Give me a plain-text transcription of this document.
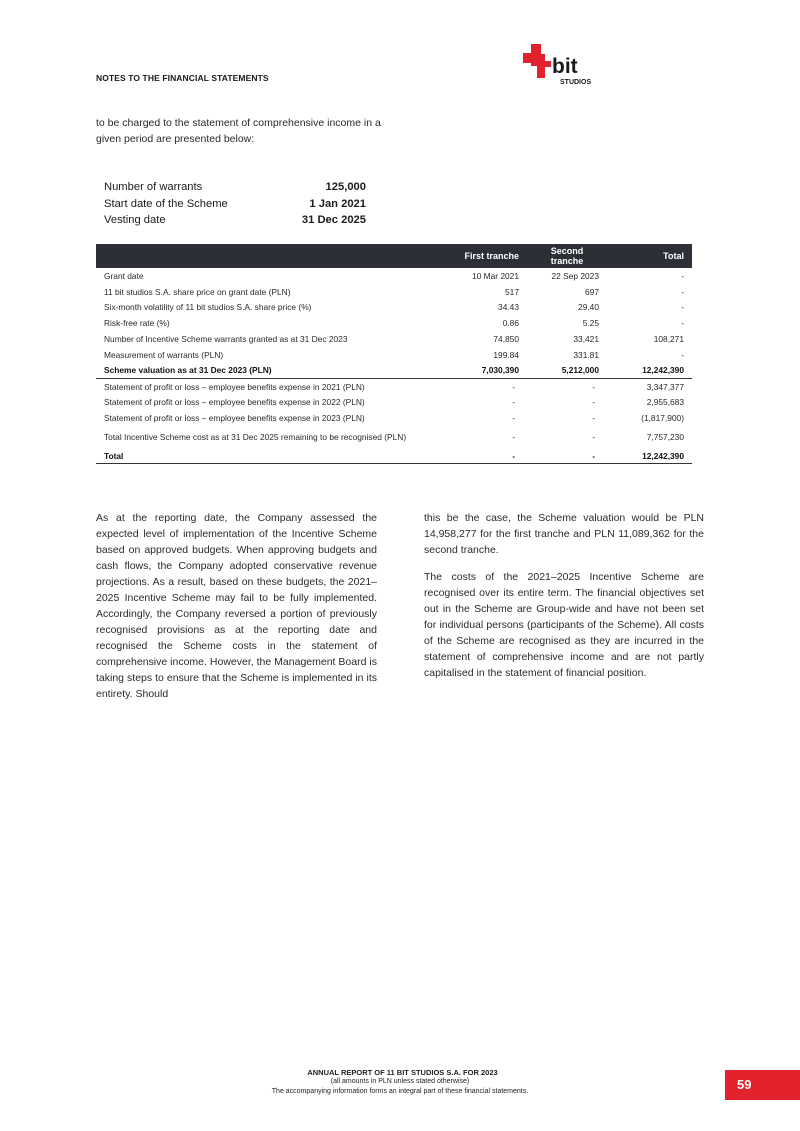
NOTES TO THE FINANCIAL STATEMENTS	bit
STUDIOS
to be charged to the statement of comprehensive income in a given period are presented below:
Number of warrants	125,000
Start date of the Scheme	1 Jan 2021
Vesting date	31 Dec 2025
	First tranche	Second tranche	Total
Grant date	10 Mar 2021	22 Sep 2023	-
11 bit studios S.A. share price on grant date (PLN)	517	697	-
Six-month volatility of 11 bit studios S.A. share price (%)	34.43	29.40	-
Risk-free rate (%)	0.86	5.25	-
Number of Incentive Scheme warrants granted as at 31 Dec 2023	74,850	33,421	108,271
Measurement of warrants (PLN)	199.84	331.81	-
Scheme valuation as at 31 Dec 2023 (PLN)	7,030,390	5,212,000	12,242,390
Statement of profit or loss – employee benefits expense in 2021 (PLN)	-	-	3,347,377
Statement of profit or loss – employee benefits expense in 2022 (PLN)	-	-	2,955,683
Statement of profit or loss – employee benefits expense in 2023 (PLN)	-	-	(1,817,900)
Total Incentive Scheme cost as at 31 Dec 2025 remaining to be recognised (PLN)	-	-	7,757,230
Total	-	-	12,242,390
As at the reporting date, the Company assessed the expected level of implementation of the Incentive Scheme based on approved budgets. When approving budgets and cash flows, the Company adopted conservative revenue projections. As a result, based on these budgets, the 2021–2025 Incentive Scheme may fail to be fully implemented. Accordingly, the Company reversed a portion of previously recognised provisions as at the reporting date and recognised the Scheme costs in the statement of comprehensive income. However, the Management Board is taking steps to ensure that the Scheme is implemented in its entirety. Should
this be the case, the Scheme valuation would be PLN 14,958,277 for the first tranche and PLN 11,089,362 for the second tranche.
The costs of the 2021–2025 Incentive Scheme are recognised over its entire term. The financial objectives set out in the Scheme are Group-wide and have not been set for individual persons (participants of the Scheme). All costs of the Scheme are recognised as they are incurred in the statement of comprehensive income and are not partly capitalised in the statement of financial position.
ANNUAL REPORT OF 11 BIT STUDIOS S.A. FOR 2023
(all amounts in PLN unless stated otherwise)
The accompanying information forms an integral part of these financial statements.	59
